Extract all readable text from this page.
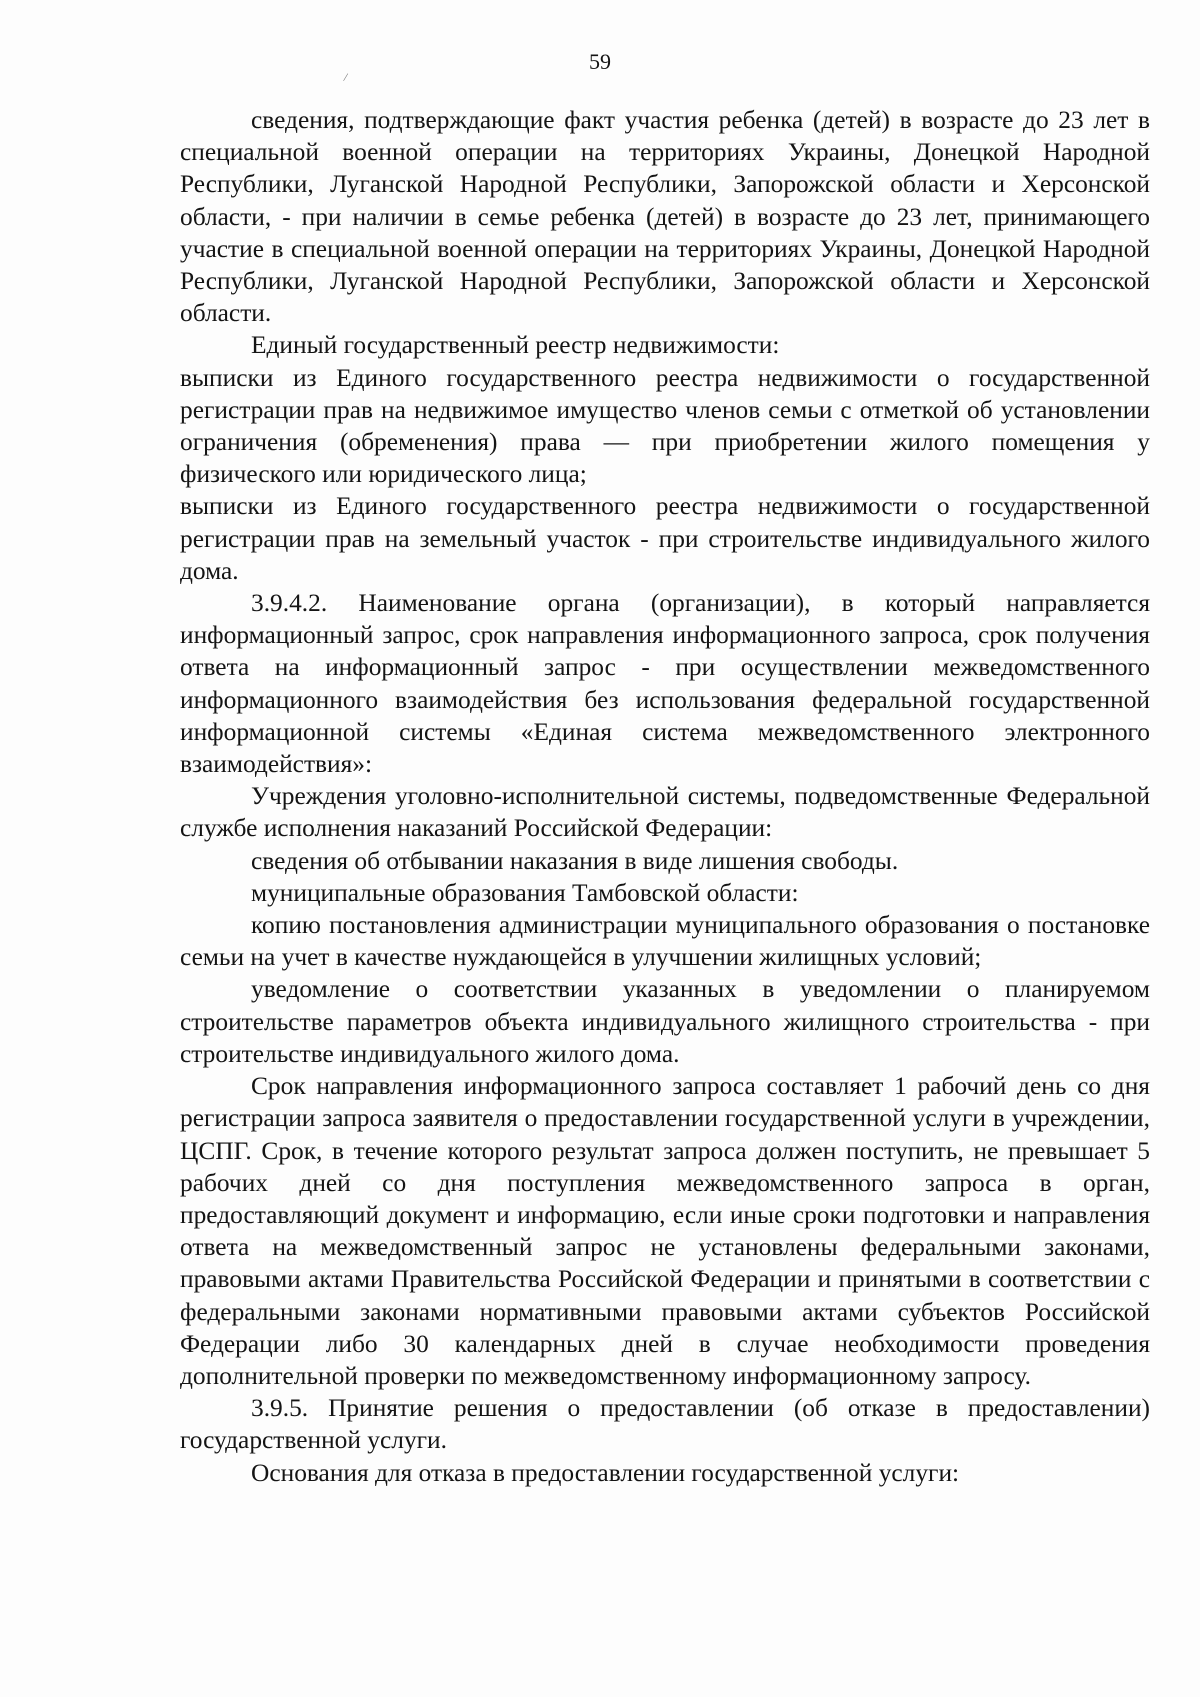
59
/

сведения, подтверждающие факт участия ребенка (детей) в возрасте до 23 лет в специальной военной операции на территориях Украины, Донецкой Народной Республики, Луганской Народной Республики, Запорожской области и Херсонской области, - при наличии в семье ребенка (детей) в возрасте до 23 лет, принимающего участие в специальной военной операции на территориях Украины, Донецкой Народной Республики, Луганской Народной Республики, Запорожской области и Херсонской области.

Единый государственный реестр недвижимости:

выписки из Единого государственного реестра недвижимости о государственной регистрации прав на недвижимое имущество членов семьи с отметкой об установлении ограничения (обременения) права — при приобретении жилого помещения у физического или юридического лица;

выписки из Единого государственного реестра недвижимости о государственной регистрации прав на земельный участок - при строительстве индивидуального жилого дома.

3.9.4.2. Наименование органа (организации), в который направляется информационный запрос, срок направления информационного запроса, срок получения ответа на информационный запрос - при осуществлении межведомственного информационного взаимодействия без использования федеральной государственной информационной системы «Единая система межведомственного электронного взаимодействия»:

Учреждения уголовно-исполнительной системы, подведомственные Федеральной службе исполнения наказаний Российской Федерации:

сведения об отбывании наказания в виде лишения свободы.

муниципальные образования Тамбовской области:

копию постановления администрации муниципального образования о постановке семьи на учет в качестве нуждающейся в улучшении жилищных условий;

уведомление о соответствии указанных в уведомлении о планируемом строительстве параметров объекта индивидуального жилищного строительства - при строительстве индивидуального жилого дома.

Срок направления информационного запроса составляет 1 рабочий день со дня регистрации запроса заявителя о предоставлении государственной услуги в учреждении, ЦСПГ. Срок, в течение которого результат запроса должен поступить, не превышает 5 рабочих дней со дня поступления межведомственного запроса в орган, предоставляющий документ и информацию, если иные сроки подготовки и направления ответа на межведомственный запрос не установлены федеральными законами, правовыми актами Правительства Российской Федерации и принятыми в соответствии с федеральными законами нормативными правовыми актами субъектов Российской Федерации либо 30 календарных дней в случае необходимости проведения дополнительной проверки по межведомственному информационному запросу.

3.9.5. Принятие решения о предоставлении (об отказе в предоставлении) государственной услуги.

Основания для отказа в предоставлении государственной услуги:
